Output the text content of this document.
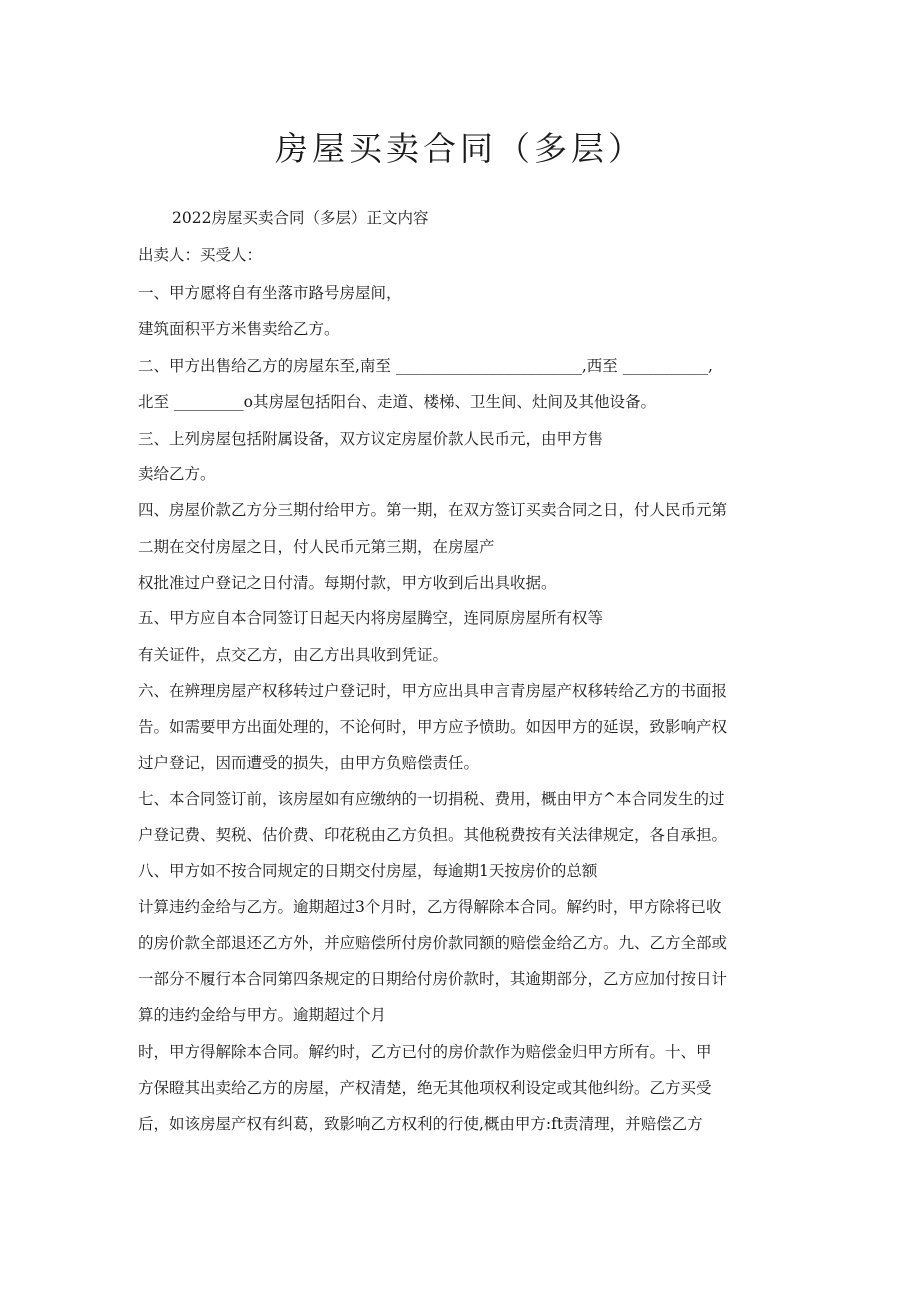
房屋买卖合同（多层）

2022房屋买卖合同（多层）正文内容

出卖人：买受人：

一、甲方愿将自有坐落市路号房屋间，

建筑面积平方米售卖给乙方。

二、甲方出售给乙方的房屋东至,南至 ________________________,西至 ___________,

北至 _________o其房屋包括阳台、走道、楼梯、卫生间、灶间及其他设备。

三、上列房屋包括附属设备，双方议定房屋价款人民币元，由甲方售

卖给乙方。

四、房屋价款乙方分三期付给甲方。第一期，在双方签订买卖合同之日，付人民币元第

二期在交付房屋之日，付人民币元第三期，在房屋产

权批准过户登记之日付清。每期付款，甲方收到后出具收据。

五、甲方应自本合同签订日起天内将房屋腾空，连同原房屋所有权等

有关证件，点交乙方，由乙方出具收到凭证。

六、在辨理房屋产权移转过户登记时，甲方应出具申言青房屋产权移转给乙方的书面报

告。如需要甲方出面处理的，不论何时，甲方应予愤助。如因甲方的延误，致影响产权

过户登记，因而遭受的损失，由甲方负赔偿责任。

七、本合同签订前，该房屋如有应缴纳的一切捐税、费用，概由甲方^本合同发生的过

户登记费、契税、估价费、印花税由乙方负担。其他税费按有关法律规定，各自承担。

八、甲方如不按合同规定的日期交付房屋，每逾期1天按房价的总额

计算违约金给与乙方。逾期超过3个月时，乙方得解除本合同。解约时，甲方除将已收

的房价款全部退还乙方外，并应赔偿所付房价款同额的赔偿金给乙方。九、乙方全部或

一部分不履行本合同第四条规定的日期给付房价款时，其逾期部分，乙方应加付按日计

算的违约金给与甲方。逾期超过个月

时，甲方得解除本合同。解约时，乙方已付的房价款作为赔偿金归甲方所有。十、甲

方保瞪其出卖给乙方的房屋，产权清楚，绝无其他项权利设定或其他纠纷。乙方买受

后，如该房屋产权有纠葛，致影响乙方权利的行使,概由甲方:ft责清理，并赔偿乙方
